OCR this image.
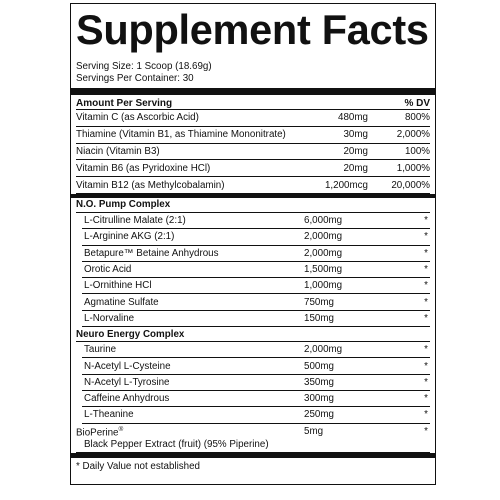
Supplement Facts
Serving Size: 1 Scoop (18.69g)
Servings Per Container: 30
Amount Per Serving	% DV
Vitamin C (as Ascorbic Acid)	480mg	800%
Thiamine (Vitamin B1, as Thiamine Mononitrate)	30mg	2,000%
Niacin (Vitamin B3)	20mg	100%
Vitamin B6 (as Pyridoxine HCl)	20mg	1,000%
Vitamin B12 (as Methylcobalamin)	1,200mcg	20,000%
N.O. Pump Complex
L-Citrulline Malate (2:1)	6,000mg	*
L-Arginine AKG (2:1)	2,000mg	*
Betapure™ Betaine Anhydrous	2,000mg	*
Orotic Acid	1,500mg	*
L-Ornithine HCl	1,000mg	*
Agmatine Sulfate	750mg	*
L-Norvaline	150mg	*
Neuro Energy Complex
Taurine	2,000mg	*
N-Acetyl L-Cysteine	500mg	*
N-Acetyl L-Tyrosine	350mg	*
Caffeine Anhydrous	300mg	*
L-Theanine	250mg	*
BioPerine®	5mg	*
Black Pepper Extract (fruit) (95% Piperine)
* Daily Value not established
